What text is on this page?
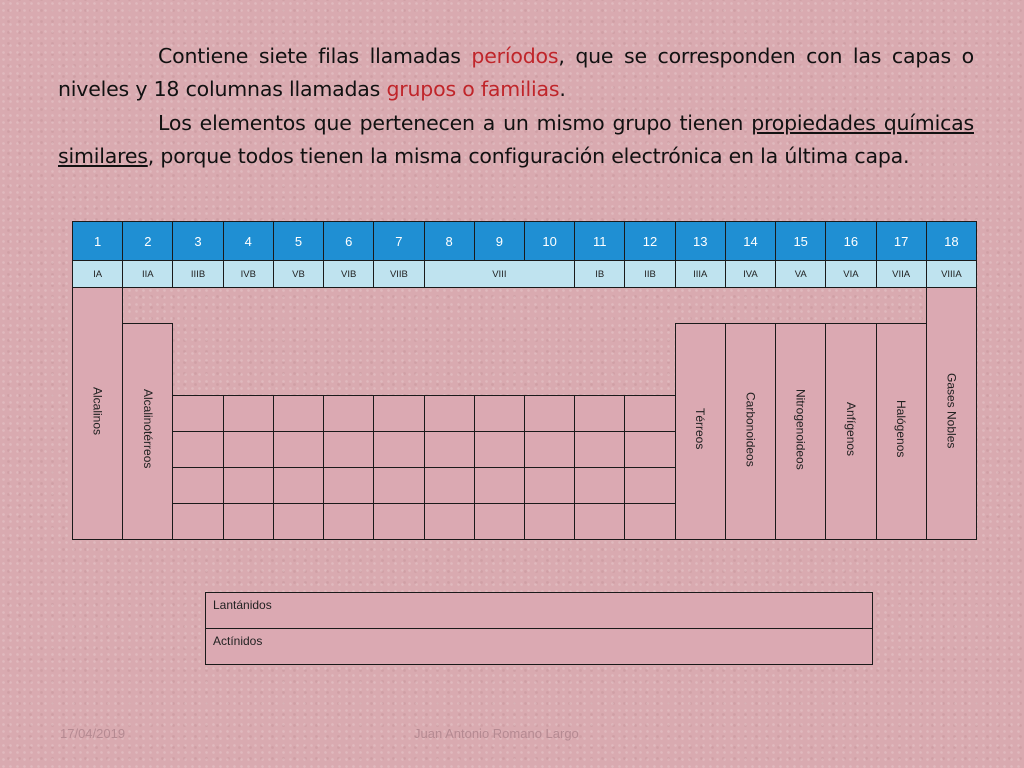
Contiene siete filas llamadas períodos, que se corresponden con las capas o niveles y 18 columnas llamadas grupos o familias.
Los elementos que pertenecen a un mismo grupo tienen propiedades químicas similares, porque todos tienen la misma configuración electrónica en la última capa.
1	2	3	4	5	6	7	8	9	10	11	12	13	14	15	16	17	18
IA	IIA	IIIB	IVB	VB	VIB	VIIB	VIII			IB	IIB	IIIA	IVA	VA	VIA	VIIA	VIIIA
Alcalinos																	Gases Nobles
	Alcalinotérreos											Térreos	Carbonoideos	Nitrogenoideos	Anfígenos	Halógenos	

Lantánidos
Actínidos
17/04/2019	Juan Antonio Romano Largo
